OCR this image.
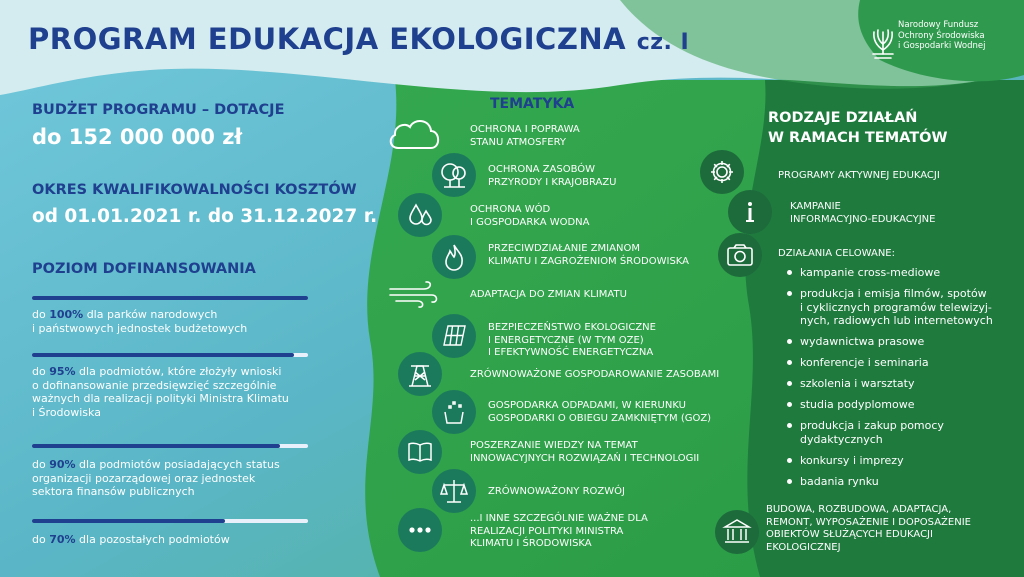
PROGRAM EDUKACJA EKOLOGICZNA cz. I
Narodowy Fundusz
Ochrony Środowiska
i Gospodarki Wodnej
BUDŻET PROGRAMU – DOTACJE
do 152 000 000 zł
OKRES KWALIFIKOWALNOŚCI KOSZTÓW
od 01.01.2021 r. do 31.12.2027 r.
POZIOM DOFINANSOWANIA
do 100% dla parków narodowych
i państwowych jednostek budżetowych
do 95% dla podmiotów, które złożyły wnioski
o dofinansowanie przedsięwzięć szczególnie
ważnych dla realizacji polityki Ministra Klimatu
i Środowiska
do 90% dla podmiotów posiadających status
organizacji pozarządowej oraz jednostek
sektora finansów publicznych
do 70% dla pozostałych podmiotów
TEMATYKA
OCHRONA I POPRAWA
STANU ATMOSFERY
OCHRONA ZASOBÓW
PRZYRODY I KRAJOBRAZU
OCHRONA WÓD
I GOSPODARKA WODNA
PRZECIWDZIAŁANIE ZMIANOM
KLIMATU I ZAGROŻENIOM ŚRODOWISKA
ADAPTACJA DO ZMIAN KLIMATU
BEZPIECZEŃSTWO EKOLOGICZNE
I ENERGETYCZNE (W TYM OZE)
I EFEKTYWNOŚĆ ENERGETYCZNA
ZRÓWNOWAŻONE GOSPODAROWANIE ZASOBAMI
GOSPODARKA ODPADAMI, W KIERUNKU
GOSPODARKI O OBIEGU ZAMKNIĘTYM (GOZ)
POSZERZANIE WIEDZY NA TEMAT
INNOWACYJNYCH ROZWIĄZAŃ I TECHNOLOGII
ZRÓWNOWAŻONY ROZWÓJ
...I INNE SZCZEGÓLNIE WAŻNE DLA
REALIZACJI POLITYKI MINISTRA
KLIMATU I ŚRODOWISKA
RODZAJE DZIAŁAŃ
W RAMACH TEMATÓW
PROGRAMY AKTYWNEJ EDUKACJI
KAMPANIE
INFORMACYJNO-EDUKACYJNE
DZIAŁANIA CELOWANE:
kampanie cross-mediowe
produkcja i emisja filmów, spotów
i cyklicznych programów telewizyj-
nych, radiowych lub internetowych
wydawnictwa prasowe
konferencje i seminaria
szkolenia i warsztaty
studia podyplomowe
produkcja i zakup pomocy
dydaktycznych
konkursy i imprezy
badania rynku
BUDOWA, ROZBUDOWA, ADAPTACJA,
REMONT, WYPOSAŻENIE I DOPOSAŻENIE
OBIEKTÓW SŁUŻĄCYCH EDUKACJI
EKOLOGICZNEJ
